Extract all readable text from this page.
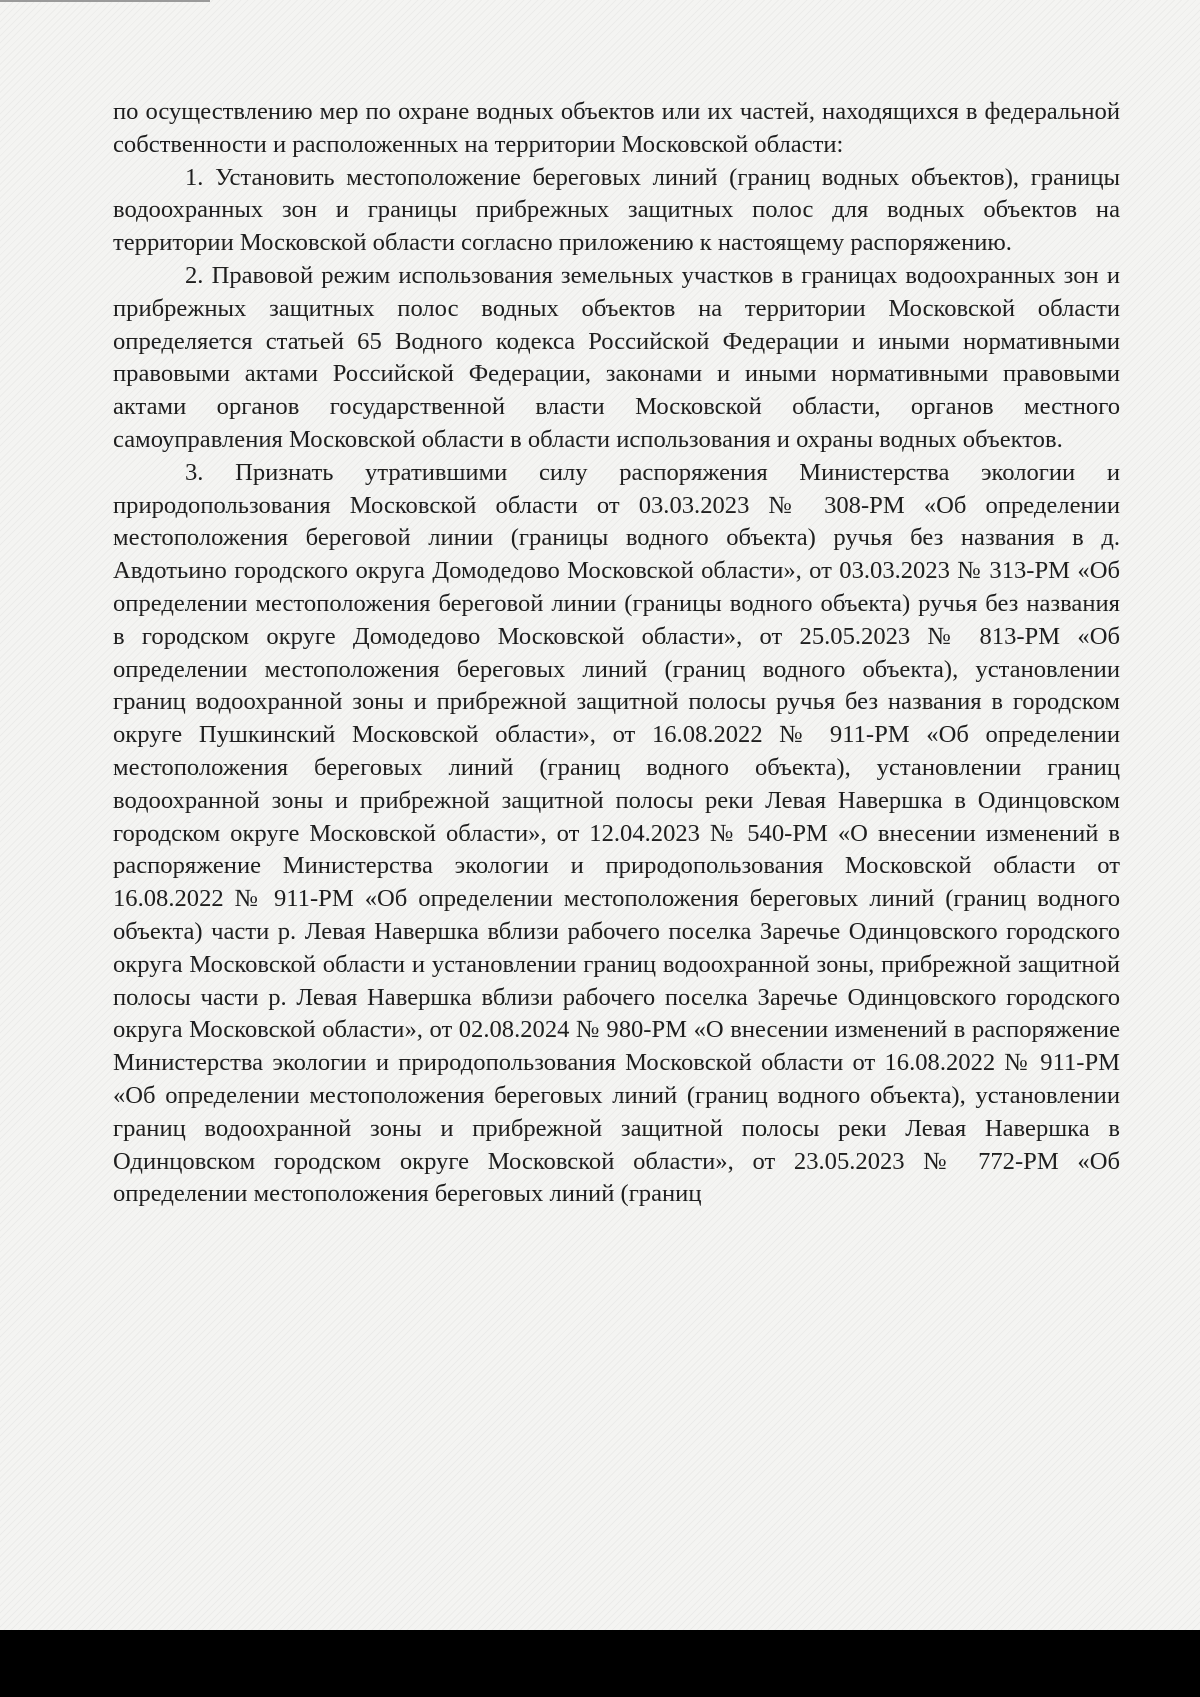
по осуществлению мер по охране водных объектов или их частей, находящихся в федеральной собственности и расположенных на территории Московской области:

1. Установить местоположение береговых линий (границ водных объектов), границы водоохранных зон и границы прибрежных защитных полос для водных объектов на территории Московской области согласно приложению к настоящему распоряжению.

2. Правовой режим использования земельных участков в границах водоохранных зон и прибрежных защитных полос водных объектов на территории Московской области определяется статьей 65 Водного кодекса Российской Федерации и иными нормативными правовыми актами Российской Федерации, законами и иными нормативными правовыми актами органов государственной власти Московской области, органов местного самоуправления Московской области в области использования и охраны водных объектов.

3. Признать утратившими силу распоряжения Министерства экологии и природопользования Московской области от 03.03.2023 № 308-РМ «Об определении местоположения береговой линии (границы водного объекта) ручья без названия в д. Авдотьино городского округа Домодедово Московской области», от 03.03.2023 № 313-РМ «Об определении местоположения береговой линии (границы водного объекта) ручья без названия в городском округе Домодедово Московской области», от 25.05.2023 № 813-РМ «Об определении местоположения береговых линий (границ водного объекта), установлении границ водоохранной зоны и прибрежной защитной полосы ручья без названия в городском округе Пушкинский Московской области», от 16.08.2022 № 911-РМ «Об определении местоположения береговых линий (границ водного объекта), установлении границ водоохранной зоны и прибрежной защитной полосы реки Левая Навершка в Одинцовском городском округе Московской области», от 12.04.2023 № 540-РМ «О внесении изменений в распоряжение Министерства экологии и природопользования Московской области от 16.08.2022 № 911-РМ «Об определении местоположения береговых линий (границ водного объекта) части р. Левая Навершка вблизи рабочего поселка Заречье Одинцовского городского округа Московской области и установлении границ водоохранной зоны, прибрежной защитной полосы части р. Левая Навершка вблизи рабочего поселка Заречье Одинцовского городского округа Московской области», от 02.08.2024 № 980-РМ «О внесении изменений в распоряжение Министерства экологии и природопользования Московской области от 16.08.2022 № 911-РМ «Об определении местоположения береговых линий (границ водного объекта), установлении границ водоохранной зоны и прибрежной защитной полосы реки Левая Навершка в Одинцовском городском округе Московской области», от 23.05.2023 № 772-РМ «Об определении местоположения береговых линий (границ
